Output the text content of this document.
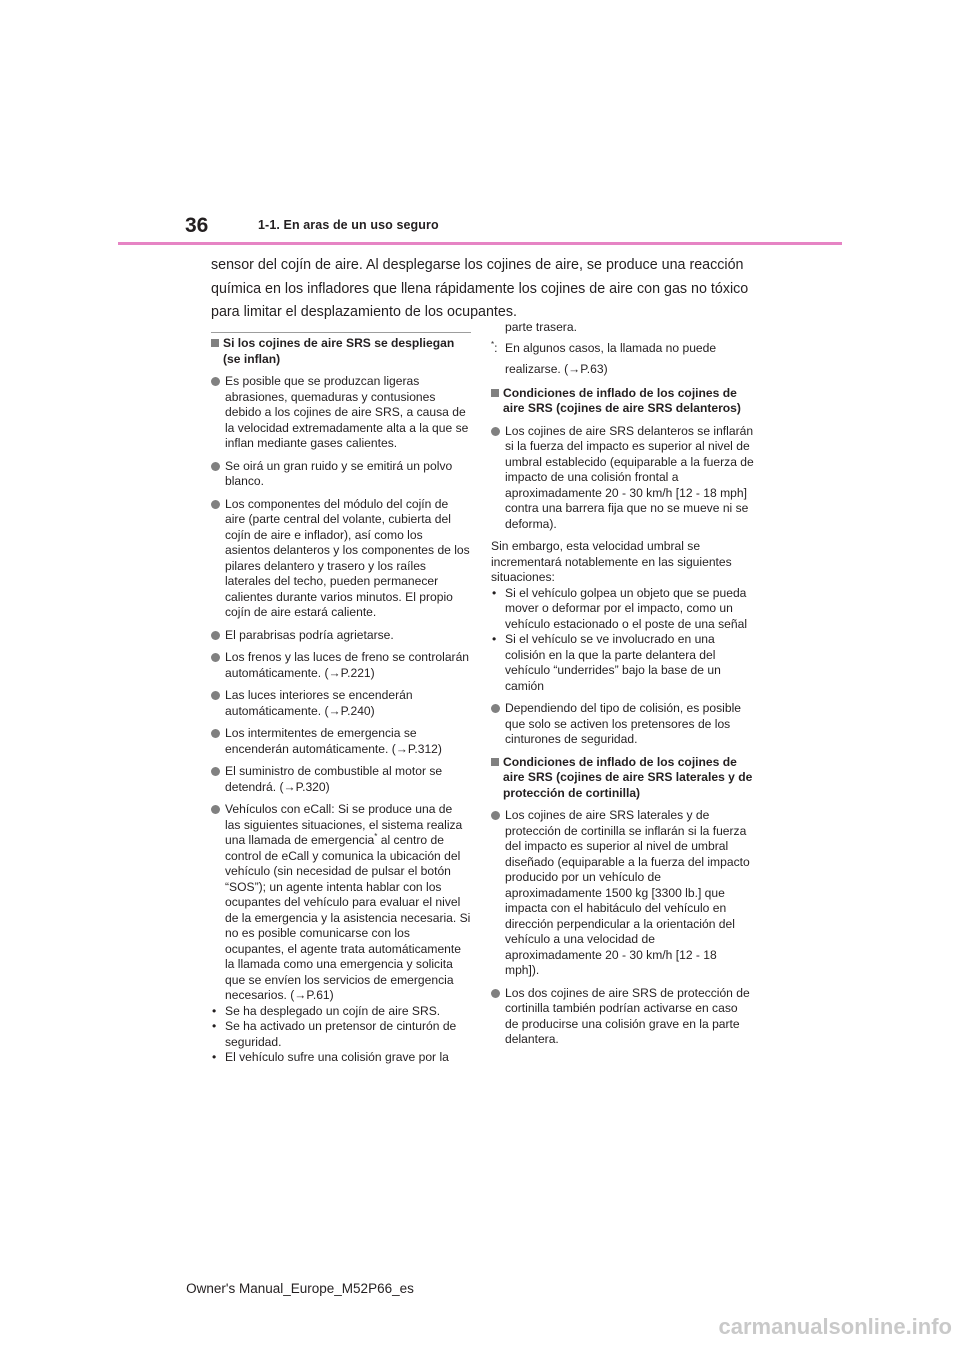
36	1-1. En aras de un uso seguro

sensor del cojín de aire. Al desplegarse los cojines de aire, se produce una reacción química en los infladores que llena rápidamente los cojines de aire con gas no tóxico para limitar el desplazamiento de los ocupantes.

Si los cojines de aire SRS se despliegan (se inflan)

Es posible que se produzcan ligeras abrasiones, quemaduras y contusiones debido a los cojines de aire SRS, a causa de la velocidad extremadamente alta a la que se inflan mediante gases calientes.

Se oirá un gran ruido y se emitirá un polvo blanco.

Los componentes del módulo del cojín de aire (parte central del volante, cubierta del cojín de aire e inflador), así como los asientos delanteros y los componentes de los pilares delantero y trasero y los raíles laterales del techo, pueden permanecer calientes durante varios minutos. El propio cojín de aire estará caliente.

El parabrisas podría agrietarse.

Los frenos y las luces de freno se controlarán automáticamente. (→P.221)

Las luces interiores se encenderán automáticamente. (→P.240)

Los intermitentes de emergencia se encenderán automáticamente. (→P.312)

El suministro de combustible al motor se detendrá. (→P.320)

Vehículos con eCall: Si se produce una de las siguientes situaciones, el sistema realiza una llamada de emergencia* al centro de control de eCall y comunica la ubicación del vehículo (sin necesidad de pulsar el botón “SOS”); un agente intenta hablar con los ocupantes del vehículo para evaluar el nivel de la emergencia y la asistencia necesaria. Si no es posible comunicarse con los ocupantes, el agente trata automáticamente la llamada como una emergencia y solicita que se envíen los servicios de emergencia necesarios. (→P.61)

• Se ha desplegado un cojín de aire SRS.

• Se ha activado un pretensor de cinturón de seguridad.

• El vehículo sufre una colisión grave por la

parte trasera.

*: En algunos casos, la llamada no puede realizarse. (→P.63)

Condiciones de inflado de los cojines de aire SRS (cojines de aire SRS delanteros)

Los cojines de aire SRS delanteros se inflarán si la fuerza del impacto es superior al nivel de umbral establecido (equiparable a la fuerza de impacto de una colisión frontal a aproximadamente 20 - 30 km/h [12 - 18 mph] contra una barrera fija que no se mueve ni se deforma).

Sin embargo, esta velocidad umbral se incrementará notablemente en las siguientes situaciones:

• Si el vehículo golpea un objeto que se pueda mover o deformar por el impacto, como un vehículo estacionado o el poste de una señal

• Si el vehículo se ve involucrado en una colisión en la que la parte delantera del vehículo “underrides” bajo la base de un camión

Dependiendo del tipo de colisión, es posible que solo se activen los pretensores de los cinturones de seguridad.

Condiciones de inflado de los cojines de aire SRS (cojines de aire SRS laterales y de protección de cortinilla)

Los cojines de aire SRS laterales y de protección de cortinilla se inflarán si la fuerza del impacto es superior al nivel de umbral diseñado (equiparable a la fuerza del impacto producido por un vehículo de aproximadamente 1500 kg [3300 lb.] que impacta con el habitáculo del vehículo en dirección perpendicular a la orientación del vehículo a una velocidad de aproximadamente 20 - 30 km/h [12 - 18 mph]).

Los dos cojines de aire SRS de protección de cortinilla también podrían activarse en caso de producirse una colisión grave en la parte delantera.

Owner's Manual_Europe_M52P66_es
carmanualsonline.info
